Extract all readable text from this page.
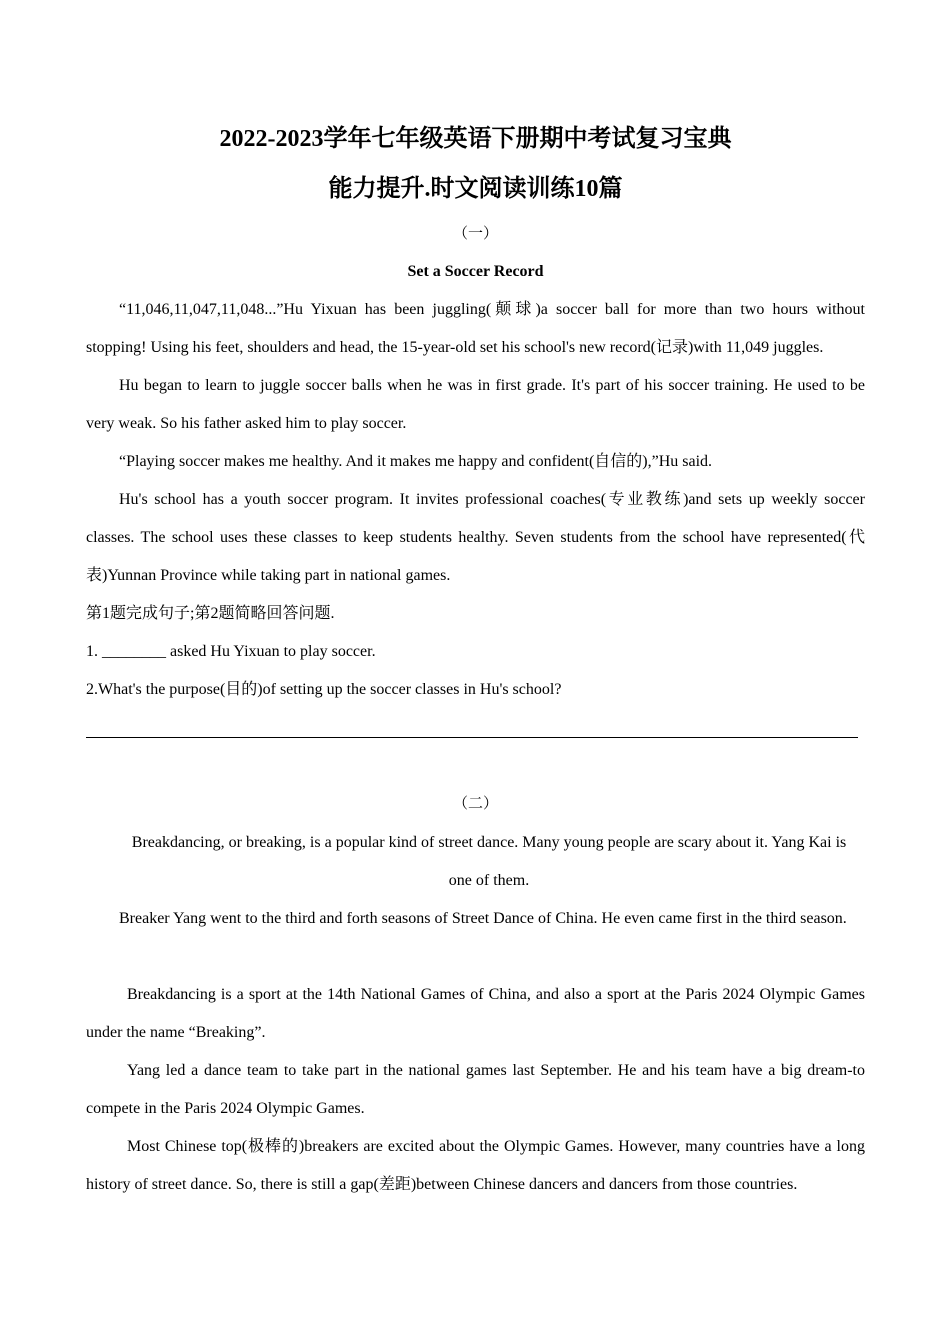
2022-2023学年七年级英语下册期中考试复习宝典
能力提升.时文阅读训练10篇
（一）
Set a Soccer Record

“11,046,11,047,11,048...”Hu Yixuan has been juggling(颠球)a soccer ball for more than two hours without stopping! Using his feet, shoulders and head, the 15-year-old set his school's new record(记录)with 11,049 juggles.

Hu began to learn to juggle soccer balls when he was in first grade. It's part of his soccer training. He used to be very weak. So his father asked him to play soccer.

“Playing soccer makes me healthy. And it makes me happy and confident(自信的),”Hu said.

Hu's school has a youth soccer program. It invites professional coaches(专业教练)and sets up weekly soccer classes. The school uses these classes to keep students healthy. Seven students from the school have represented(代表)Yunnan Province while taking part in national games.

第1题完成句子;第2题简略回答问题.

1. ________ asked Hu Yixuan to play soccer.

2.What's the purpose(目的)of setting up the soccer classes in Hu's school?

（二）

Breakdancing, or breaking, is a popular kind of street dance. Many young people are scary about it. Yang Kai is one of them.

Breaker Yang went to the third and forth seasons of Street Dance of China. He even came first in the third season.

Breakdancing is a sport at the 14th National Games of China, and also a sport at the Paris 2024 Olympic Games under the name “Breaking”.

Yang led a dance team to take part in the national games last September. He and his team have a big dream-to compete in the Paris 2024 Olympic Games.

Most Chinese top(极棒的)breakers are excited about the Olympic Games. However, many countries have a long history of street dance. So, there is still a gap(差距)between Chinese dancers and dancers from those countries.
